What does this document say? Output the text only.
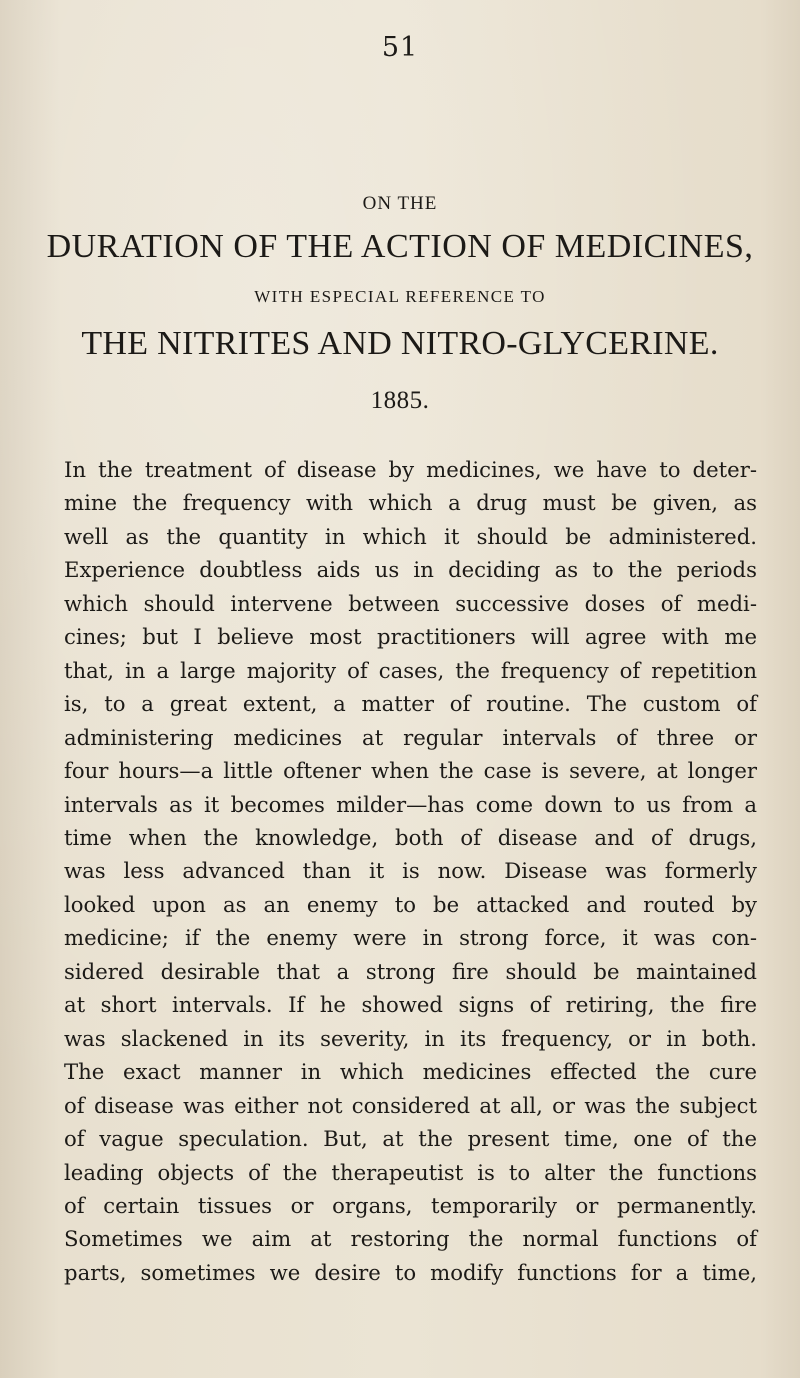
51
ON THE
DURATION OF THE ACTION OF MEDICINES,
WITH ESPECIAL REFERENCE TO
THE NITRITES AND NITRO-GLYCERINE.
1885.
In the treatment of disease by medicines, we have to deter-
mine the frequency with which a drug must be given, as
well as the quantity in which it should be administered.
Experience doubtless aids us in deciding as to the periods
which should intervene between successive doses of medi-
cines; but I believe most practitioners will agree with me
that, in a large majority of cases, the frequency of repetition
is, to a great extent, a matter of routine. The custom of
administering medicines at regular intervals of three or
four hours—a little oftener when the case is severe, at longer
intervals as it becomes milder—has come down to us from a
time when the knowledge, both of disease and of drugs,
was less advanced than it is now. Disease was formerly
looked upon as an enemy to be attacked and routed by
medicine; if the enemy were in strong force, it was con-
sidered desirable that a strong fire should be maintained
at short intervals. If he showed signs of retiring, the fire
was slackened in its severity, in its frequency, or in both.
The exact manner in which medicines effected the cure
of disease was either not considered at all, or was the subject
of vague speculation. But, at the present time, one of the
leading objects of the therapeutist is to alter the functions
of certain tissues or organs, temporarily or permanently.
Sometimes we aim at restoring the normal functions of
parts, sometimes we desire to modify functions for a time,
